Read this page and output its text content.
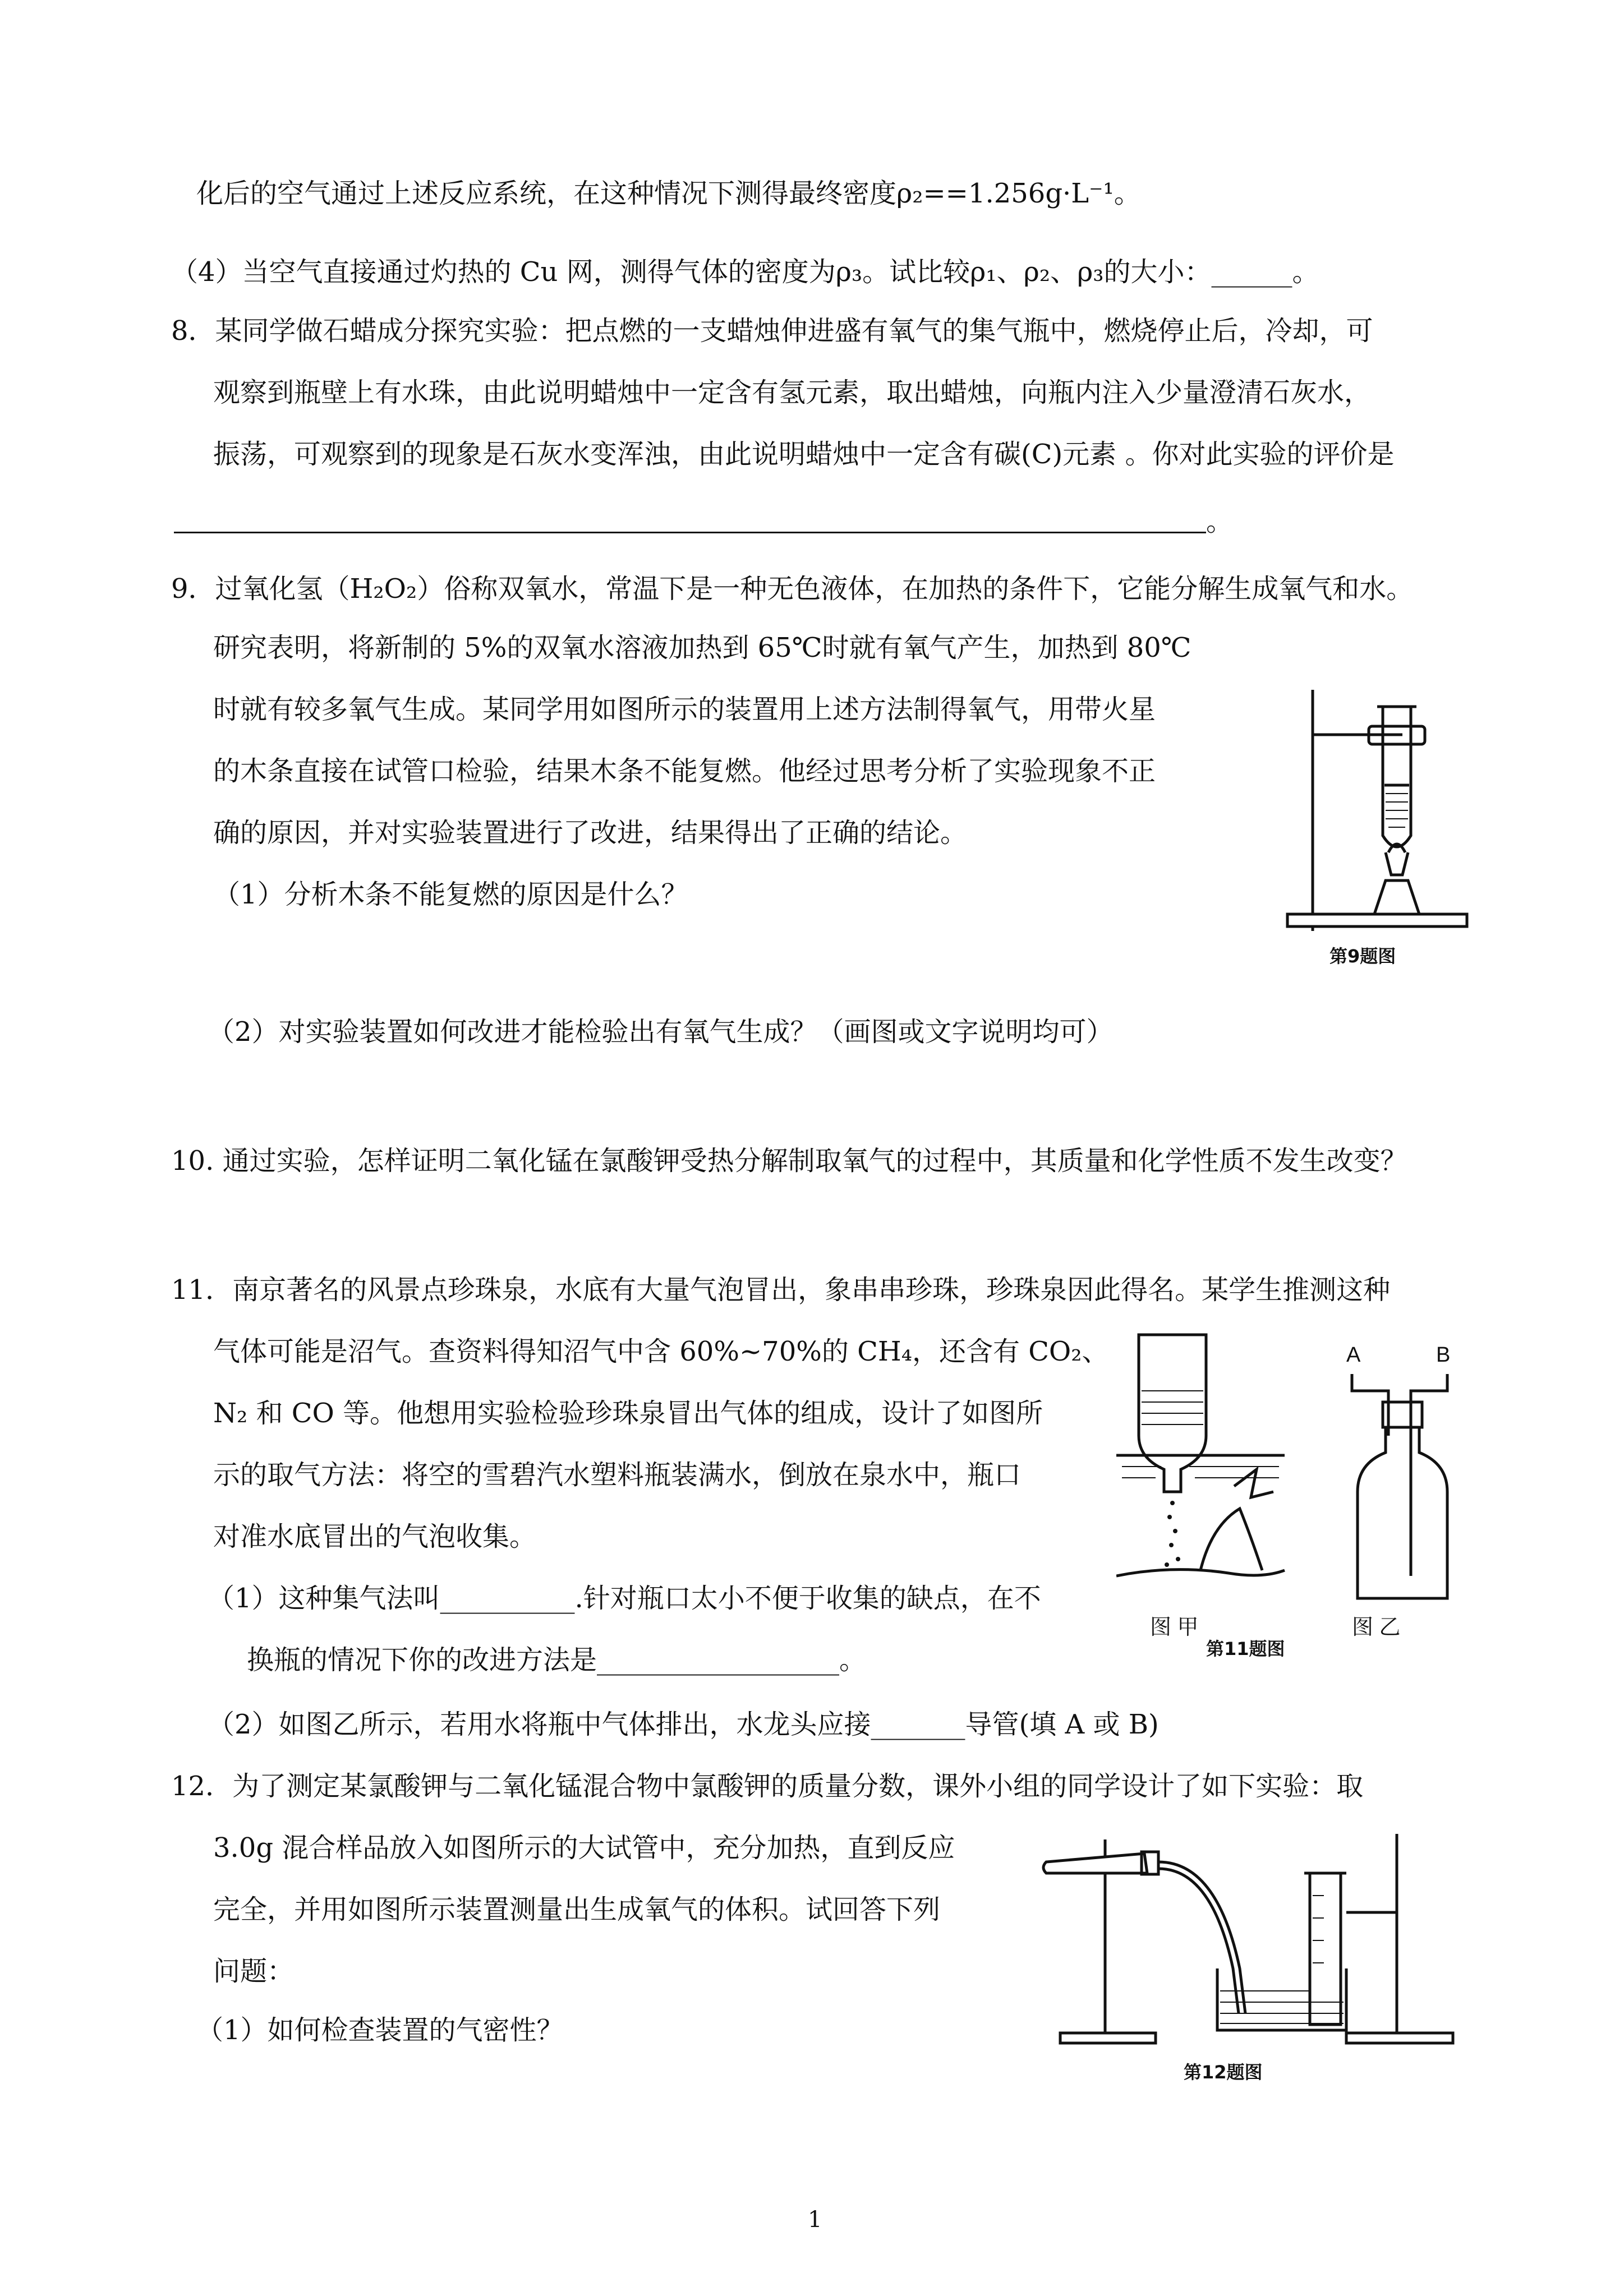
化后的空气通过上述反应系统，在这种情况下测得最终密度ρ₂==1.256g·L⁻¹。
（4）当空气直接通过灼热的 Cu 网，测得气体的密度为ρ₃。试比较ρ₁、ρ₂、ρ₃的大小：______。
8．某同学做石蜡成分探究实验：把点燃的一支蜡烛伸进盛有氧气的集气瓶中，燃烧停止后，冷却，可
观察到瓶壁上有水珠，由此说明蜡烛中一定含有氢元素，取出蜡烛，向瓶内注入少量澄清石灰水，
振荡，可观察到的现象是石灰水变浑浊，由此说明蜡烛中一定含有碳(C)元素 。你对此实验的评价是
。
9．过氧化氢（H₂O₂）俗称双氧水，常温下是一种无色液体，在加热的条件下，它能分解生成氧气和水。
研究表明，将新制的 5%的双氧水溶液加热到 65℃时就有氧气产生，加热到 80℃
时就有较多氧气生成。某同学用如图所示的装置用上述方法制得氧气，用带火星
的木条直接在试管口检验，结果木条不能复燃。他经过思考分析了实验现象不正
确的原因，并对实验装置进行了改进，结果得出了正确的结论。
（1）分析木条不能复燃的原因是什么？
（2）对实验装置如何改进才能检验出有氧气生成？（画图或文字说明均可）
10. 通过实验，怎样证明二氧化锰在氯酸钾受热分解制取氧气的过程中，其质量和化学性质不发生改变？
11．南京著名的风景点珍珠泉，水底有大量气泡冒出，象串串珍珠，珍珠泉因此得名。某学生推测这种
气体可能是沼气。查资料得知沼气中含 60%~70%的 CH₄，还含有 CO₂、
N₂ 和 CO 等。他想用实验检验珍珠泉冒出气体的组成，设计了如图所
示的取气方法：将空的雪碧汽水塑料瓶装满水，倒放在泉水中，瓶口
对准水底冒出的气泡收集。
（1）这种集气法叫__________.针对瓶口太小不便于收集的缺点，在不
换瓶的情况下你的改进方法是__________________。
（2）如图乙所示，若用水将瓶中气体排出，水龙头应接_______导管(填 A 或 B)
12．为了测定某氯酸钾与二氧化锰混合物中氯酸钾的质量分数，课外小组的同学设计了如下实验：取
3.0g 混合样品放入如图所示的大试管中，充分加热，直到反应
完全，并用如图所示装置测量出生成氧气的体积。试回答下列
问题：
（1）如何检查装置的气密性？
第9题图
图 甲
A	B
图 乙
第11题图
第12题图
1
